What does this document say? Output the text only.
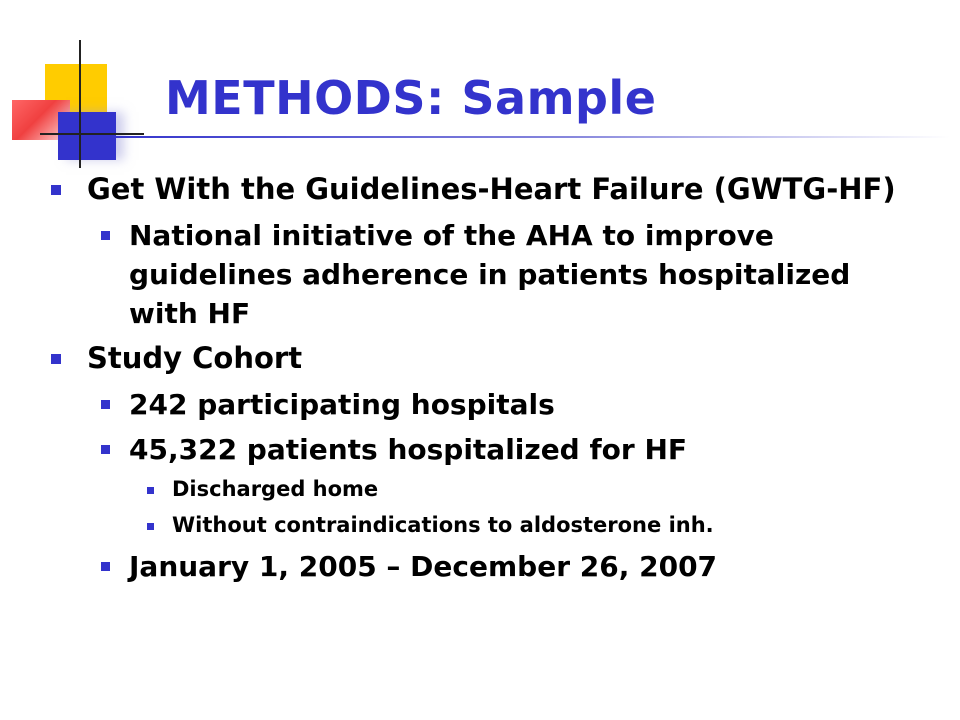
METHODS: Sample
Get With the Guidelines-Heart Failure (GWTG-HF)
National initiative of the AHA to improve guidelines adherence in patients hospitalized with HF
Study Cohort
242 participating hospitals
45,322 patients hospitalized for HF
Discharged home
Without contraindications to aldosterone inh.
January 1, 2005 – December 26, 2007
